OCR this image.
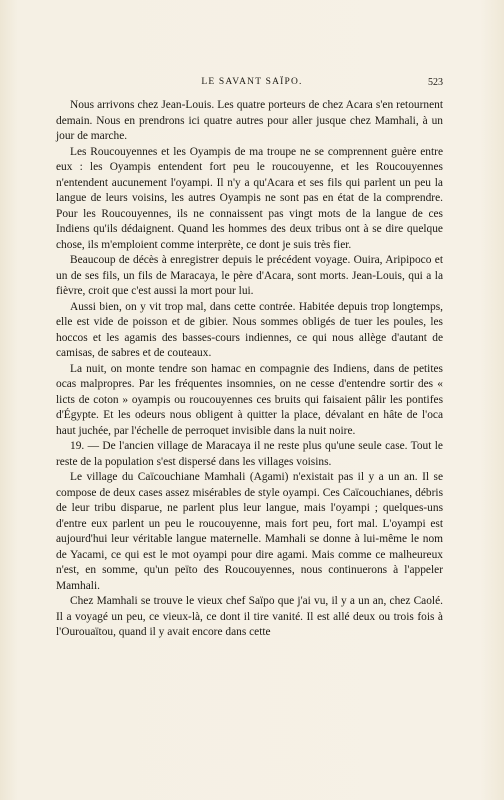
LE SAVANT SAÏPO.	523

Nous arrivons chez Jean-Louis. Les quatre porteurs de chez Acara s'en retournent demain. Nous en prendrons ici quatre autres pour aller jusque chez Mamhali, à un jour de marche.

Les Roucouyennes et les Oyampis de ma troupe ne se comprennent guère entre eux : les Oyampis entendent fort peu le roucouyenne, et les Roucouyennes n'entendent aucunement l'oyampi. Il n'y a qu'Acara et ses fils qui parlent un peu la langue de leurs voisins, les autres Oyampis ne sont pas en état de la comprendre. Pour les Roucouyennes, ils ne connaissent pas vingt mots de la langue de ces Indiens qu'ils dédaignent. Quand les hommes des deux tribus ont à se dire quelque chose, ils m'emploient comme interprète, ce dont je suis très fier.

Beaucoup de décès à enregistrer depuis le précédent voyage. Ouira, Aripipoco et un de ses fils, un fils de Maracaya, le père d'Acara, sont morts. Jean-Louis, qui a la fièvre, croit que c'est aussi la mort pour lui.

Aussi bien, on y vit trop mal, dans cette contrée. Habitée depuis trop longtemps, elle est vide de poisson et de gibier. Nous sommes obligés de tuer les poules, les hoccos et les agamis des basses-cours indiennes, ce qui nous allège d'autant de camisas, de sabres et de couteaux.

La nuit, on monte tendre son hamac en compagnie des Indiens, dans de petites ocas malpropres. Par les fréquentes insomnies, on ne cesse d'entendre sortir des « licts de coton » oyampis ou roucouyennes ces bruits qui faisaient pâlir les pontifes d'Égypte. Et les odeurs nous obligent à quitter la place, dévalant en hâte de l'oca haut juchée, par l'échelle de perroquet invisible dans la nuit noire.

19. — De l'ancien village de Maracaya il ne reste plus qu'une seule case. Tout le reste de la population s'est dispersé dans les villages voisins.

Le village du Caïcouchiane Mamhali (Agami) n'existait pas il y a un an. Il se compose de deux cases assez misérables de style oyampi. Ces Caïcouchianes, débris de leur tribu disparue, ne parlent plus leur langue, mais l'oyampi ; quelques-uns d'entre eux parlent un peu le roucouyenne, mais fort peu, fort mal. L'oyampi est aujourd'hui leur véritable langue maternelle. Mamhali se donne à lui-même le nom de Yacami, ce qui est le mot oyampi pour dire agami. Mais comme ce malheureux n'est, en somme, qu'un peïto des Roucouyennes, nous continuerons à l'appeler Mamhali.

Chez Mamhali se trouve le vieux chef Saïpo que j'ai vu, il y a un an, chez Caolé. Il a voyagé un peu, ce vieux-là, ce dont il tire vanité. Il est allé deux ou trois fois à l'Ourouaïtou, quand il y avait encore dans cette
